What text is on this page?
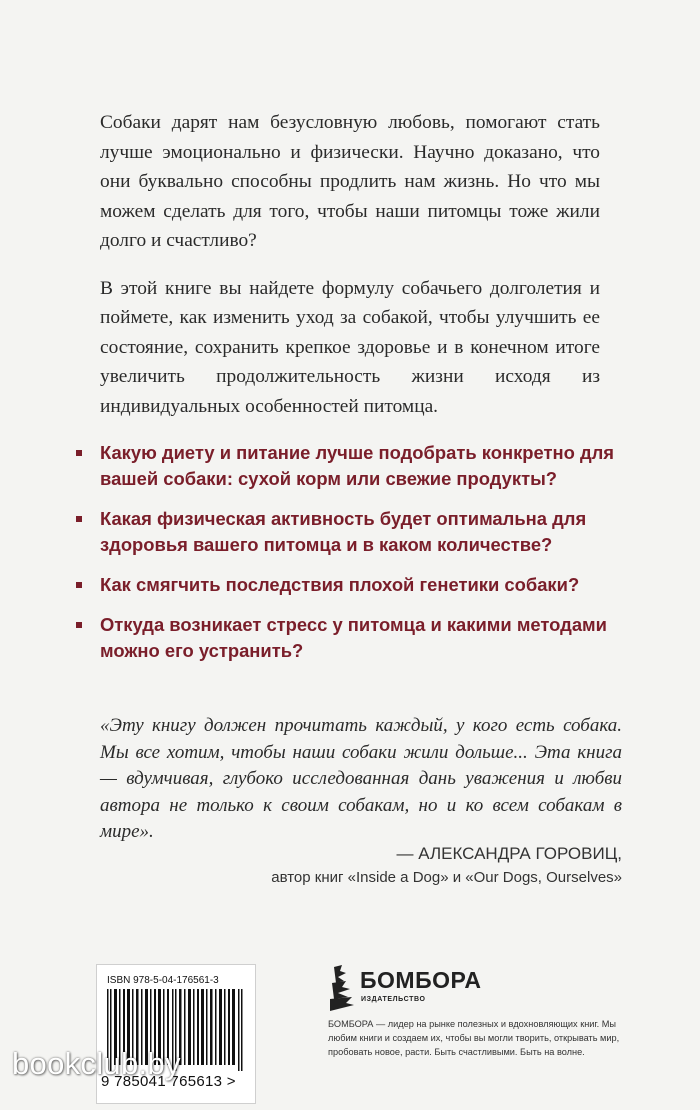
Собаки дарят нам безусловную любовь, помогают стать лучше эмоционально и физически. Научно доказано, что они буквально способны продлить нам жизнь. Но что мы можем сделать для того, чтобы наши питомцы тоже жили долго и счастливо?

В этой книге вы найдете формулу собачьего долголетия и поймете, как изменить уход за собакой, чтобы улучшить ее состояние, сохранить крепкое здоровье и в конечном итоге увеличить продолжительность жизни исходя из индивидуальных особенностей питомца.

Какую диету и питание лучше подобрать конкретно для вашей собаки: сухой корм или свежие продукты?
Какая физическая активность будет оптимальна для здоровья вашего питомца и в каком количестве?
Как смягчить последствия плохой генетики собаки?
Откуда возникает стресс у питомца и какими методами можно его устранить?
«Эту книгу должен прочитать каждый, у кого есть собака. Мы все хотим, чтобы наши собаки жили дольше... Эта книга — вдумчивая, глубоко исследованная дань уважения и любви автора не только к своим собакам, но и ко всем собакам в мире».
— АЛЕКСАНДРА ГОРОВИЦ,
автор книг «Inside a Dog» и «Our Dogs, Ourselves»
ISBN 978-5-04-176561-3
9 785041 765613 >
БОМБОРА
ИЗДАТЕЛЬСТВО
БОМБОРА — лидер на рынке полезных и вдохновляющих книг. Мы любим книги и создаем их, чтобы вы могли творить, открывать мир, пробовать новое, расти. Быть счастливыми. Быть на волне.
bookclub.by
